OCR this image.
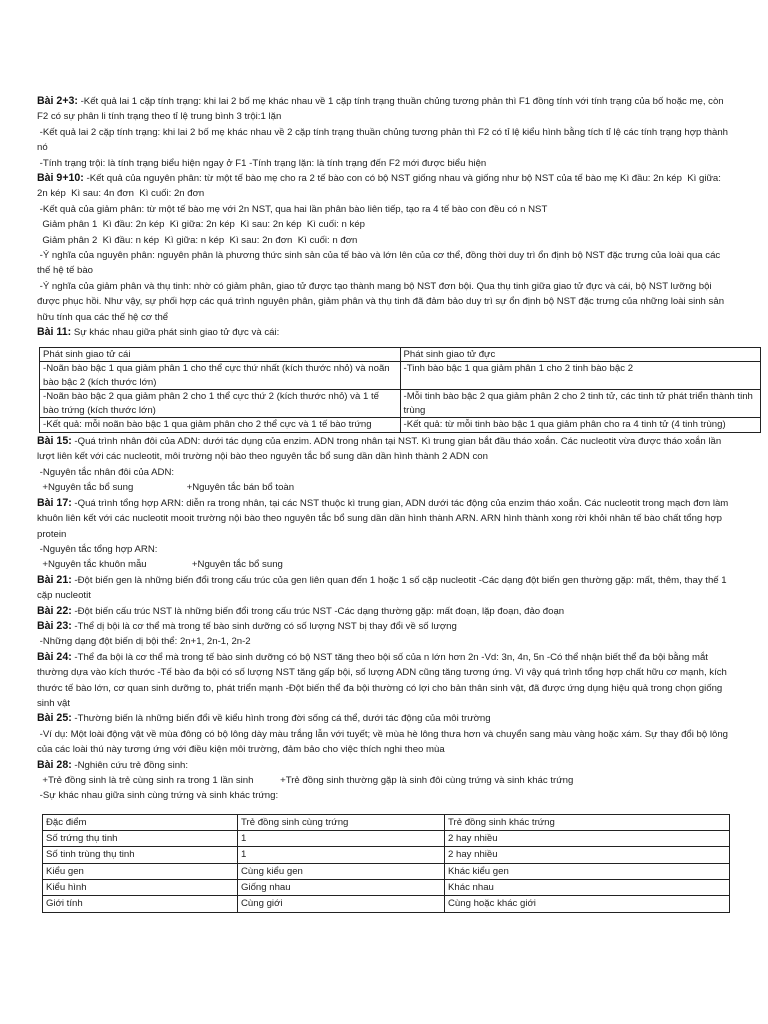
Bài 2+3: -Kết quả lai 1 cặp tính trạng: khi lai 2 bố mẹ khác nhau về 1 cặp tính trạng thuần chủng tương phản thì F1 đồng tính với tính trạng của bố hoặc mẹ, còn F2 có sự phân li tính trạng theo tỉ lệ trung bình 3 trội:1 lặn

-Kết quả lai 2 cặp tính trạng: khi lai 2 bố mẹ khác nhau về 2 cặp tính trạng thuần chủng tương phản thì F2 có tỉ lệ kiểu hình bằng tích tỉ lệ các tính trạng hợp thành nó

-Tính trạng trội: là tính trạng biểu hiện ngay ở F1 -Tính trạng lặn: là tính trạng đến F2 mới được biểu hiện

Bài 9+10: -Kết quả của nguyên phân: từ một tế bào mẹ cho ra 2 tế bào con có bộ NST giống nhau và giống như bộ NST của tế bào mẹ Kì đầu: 2n kép  Kì giữa: 2n kép  Kì sau: 4n đơn  Kì cuối: 2n đơn

-Kết quả của giảm phân: từ một tế bào mẹ với 2n NST, qua hai lần phân bào liên tiếp, tạo ra 4 tế bào con đều có n NST

Giảm phân 1  Kì đầu: 2n kép  Kì giữa: 2n kép  Kì sau: 2n kép  Kì cuối: n kép

Giảm phân 2  Kì đầu: n kép  Kì giữa: n kép  Kì sau: 2n đơn  Kì cuối: n đơn

-Ý nghĩa của nguyên phân: nguyên phân là phương thức sinh sản của tế bào và lớn lên của cơ thể, đồng thời duy trì ổn định bộ NST đặc trưng của loài qua các thế hệ tế bào

-Ý nghĩa của giảm phân và thụ tinh: nhờ có giảm phân, giao tử được tạo thành mang bộ NST đơn bội. Qua thụ tinh giữa giao tử đực và cái, bộ NST lưỡng bội được phục hồi. Như vậy, sự phối hợp các quá trình nguyên phân, giảm phân và thụ tinh đã đảm bảo duy trì sự ổn định bộ NST đặc trưng của những loài sinh sản hữu tính qua các thế hệ cơ thể

Bài 11: Sự khác nhau giữa phát sinh giao tử đực và cái:

Phát sinh giao tử cái	Phát sinh giao tử đực
-Noãn bào bậc 1 qua giảm phân 1 cho thể cực thứ nhất (kích thước nhỏ) và noãn bào bậc 2 (kích thước lớn)	-Tinh bào bậc 1 qua giảm phân 1 cho 2 tinh bào bậc 2
-Noãn bào bậc 2 qua giảm phân 2 cho 1 thể cực thứ 2 (kích thước nhỏ) và 1 tế bào trứng (kích thước lớn)	-Mỗi tinh bào bậc 2 qua giảm phân 2 cho 2 tinh tử, các tinh tử phát triển thành tinh trùng
-Kết quả: mỗi noãn bào bậc 1 qua giảm phân cho 2 thể cực và 1 tế bào trứng	-Kết quả: từ mỗi tinh bào bậc 1 qua giảm phân cho ra 4 tinh tử (4 tinh trùng)

Bài 15: -Quá trình nhân đôi của ADN: dưới tác dụng của enzim. ADN trong nhân tại NST. Kì trung gian bắt đầu tháo xoắn. Các nucleotit vừa được tháo xoắn lần lượt liên kết với các nucleotit, môi trường nội bào theo nguyên tắc bổ sung dần dần hình thành 2 ADN con

-Nguyên tắc nhân đôi của ADN:

+Nguyên tắc bổ sung                    +Nguyên tắc bán bổ toàn

Bài 17: -Quá trình tổng hợp ARN: diễn ra trong nhân, tại các NST thuộc kì trung gian, ADN dưới tác động của enzim tháo xoắn. Các nucleotit trong mạch đơn làm khuôn liên kết với các nucleotit mooit trường nội bào theo nguyên tắc bổ sung dần dần hình thành ARN. ARN hình thành xong rời khỏi nhân tế bào chất tổng hợp protein

-Nguyên tắc tổng hợp ARN:

+Nguyên tắc khuôn mẫu                 +Nguyên tắc bổ sung

Bài 21: -Đột biến gen là những biến đổi trong cấu trúc của gen liên quan đến 1 hoặc 1 số cặp nucleotit -Các dạng đột biến gen thường gặp: mất, thêm, thay thế 1 cặp nucleotit

Bài 22: -Đột biến cấu trúc NST là những biến đổi trong cấu trúc NST -Các dạng thường gặp: mất đoạn, lặp đoạn, đảo đoạn

Bài 23: -Thể dị bội là cơ thể mà trong tế bào sinh dưỡng có số lượng NST bị thay đổi về số lượng

-Những dạng đột biến dị bội thể: 2n+1, 2n-1, 2n-2

Bài 24: -Thể đa bội là cơ thể mà trong tế bào sinh dưỡng có bộ NST tăng theo bội số của n lớn hơn 2n -Vd: 3n, 4n, 5n -Có thể nhận biết thể đa bội bằng mắt thường dựa vào kích thước -Tế bào đa bội có số lượng NST tăng gấp bội, số lượng ADN cũng tăng tương ứng. Vì vậy quá trình tổng hợp chất hữu cơ mạnh, kích thước tế bào lớn, cơ quan sinh dưỡng to, phát triển mạnh -Đột biến thể đa bội thường có lợi cho bản thân sinh vật, đã được ứng dụng hiệu quả trong chọn giống sinh vật

Bài 25: -Thường biến là những biến đổi về kiểu hình trong đời sống cá thể, dưới tác động của môi trường

-Ví dụ: Một loài động vật về mùa đông có bộ lông dày màu trắng lẫn với tuyết; về mùa hè lông thưa hơn và chuyển sang màu vàng hoặc xám. Sự thay đổi bộ lông của các loài thú này tương ứng với điều kiện môi trường, đảm bảo cho việc thích nghi theo mùa

Bài 28: -Nghiên cứu trẻ đồng sinh:

+Trẻ đồng sinh là trẻ cùng sinh ra trong 1 lần sinh          +Trẻ đồng sinh thường gặp là sinh đôi cùng trứng và sinh khác trứng

-Sự khác nhau giữa sinh cùng trứng và sinh khác trứng:

Đặc điểm	Trẻ đồng sinh cùng trứng	Trẻ đồng sinh khác trứng
Số trứng thụ tinh	1	2 hay nhiều
Số tinh trùng thụ tinh	1	2 hay nhiều
Kiểu gen	Cùng kiểu gen	Khác kiểu gen
Kiểu hình	Giống nhau	Khác nhau
Giới tính	Cùng giới	Cùng hoặc khác giới
